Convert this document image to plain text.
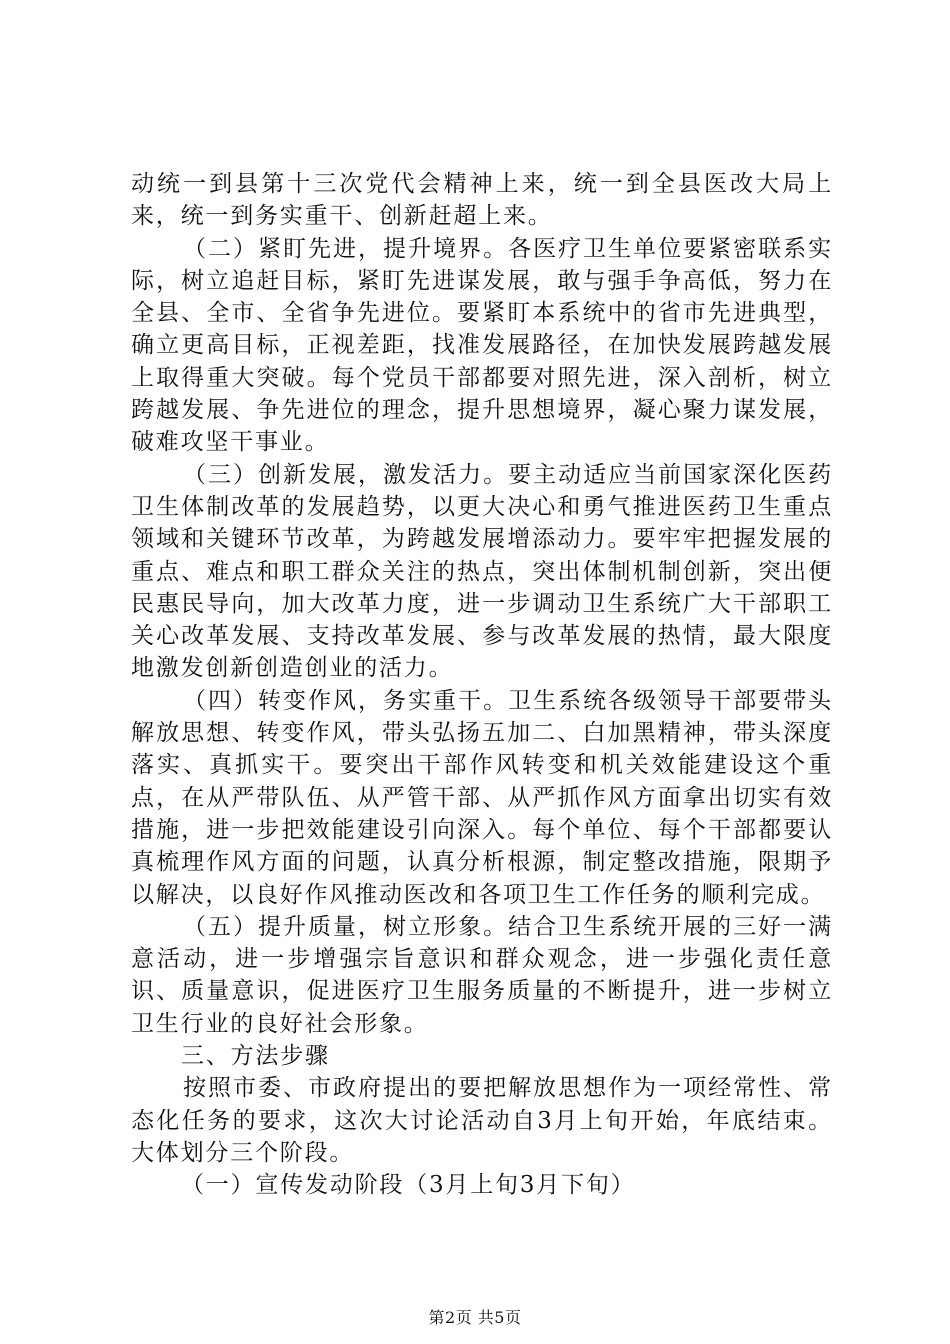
动统一到县第十三次党代会精神上来，统一到全县医改大局上来，统一到务实重干、创新赶超上来。

（二）紧盯先进，提升境界。各医疗卫生单位要紧密联系实际，树立追赶目标，紧盯先进谋发展，敢与强手争高低，努力在全县、全市、全省争先进位。要紧盯本系统中的省市先进典型，确立更高目标，正视差距，找准发展路径，在加快发展跨越发展上取得重大突破。每个党员干部都要对照先进，深入剖析，树立跨越发展、争先进位的理念，提升思想境界，凝心聚力谋发展，破难攻坚干事业。

（三）创新发展，激发活力。要主动适应当前国家深化医药卫生体制改革的发展趋势，以更大决心和勇气推进医药卫生重点领域和关键环节改革，为跨越发展增添动力。要牢牢把握发展的重点、难点和职工群众关注的热点，突出体制机制创新，突出便民惠民导向，加大改革力度，进一步调动卫生系统广大干部职工关心改革发展、支持改革发展、参与改革发展的热情，最大限度地激发创新创造创业的活力。

（四）转变作风，务实重干。卫生系统各级领导干部要带头解放思想、转变作风，带头弘扬五加二、白加黑精神，带头深度落实、真抓实干。要突出干部作风转变和机关效能建设这个重点，在从严带队伍、从严管干部、从严抓作风方面拿出切实有效措施，进一步把效能建设引向深入。每个单位、每个干部都要认真梳理作风方面的问题，认真分析根源，制定整改措施，限期予以解决，以良好作风推动医改和各项卫生工作任务的顺利完成。

（五）提升质量，树立形象。结合卫生系统开展的三好一满意活动，进一步增强宗旨意识和群众观念，进一步强化责任意识、质量意识，促进医疗卫生服务质量的不断提升，进一步树立卫生行业的良好社会形象。

三、方法步骤

按照市委、市政府提出的要把解放思想作为一项经常性、常态化任务的要求，这次大讨论活动自3月上旬开始，年底结束。大体划分三个阶段。

（一）宣传发动阶段（3月上旬3月下旬）

第2页 共5页
